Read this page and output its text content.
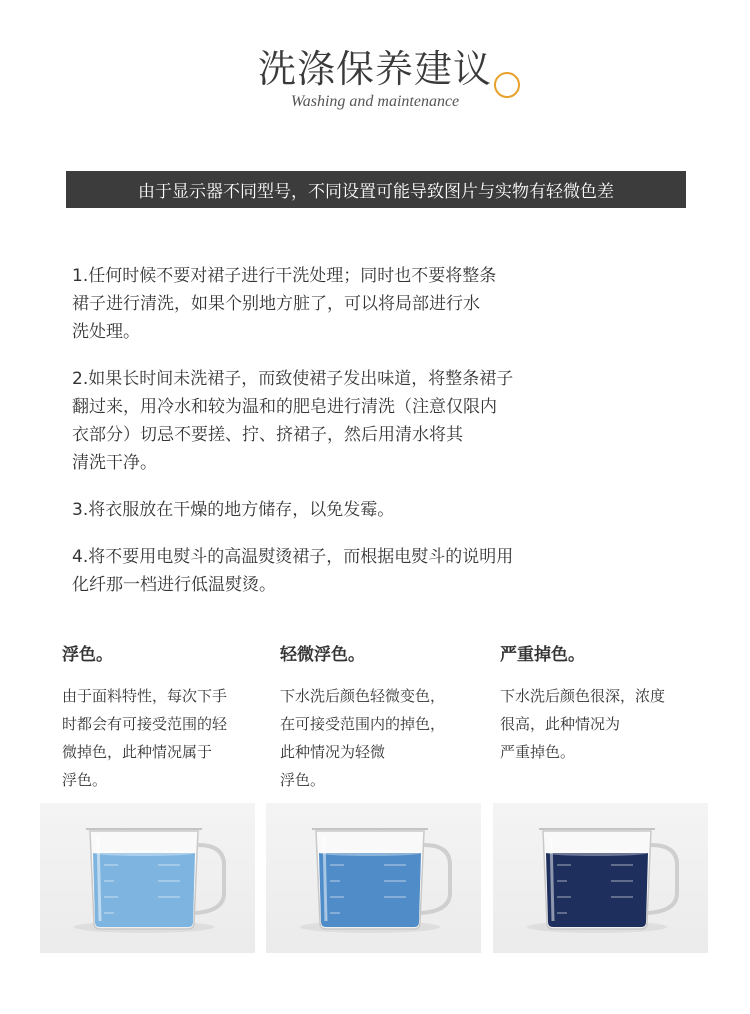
洗涤保养建议
Washing and maintenance
由于显示器不同型号，不同设置可能导致图片与实物有轻微色差

1.任何时候不要对裙子进行干洗处理；同时也不要将整条
裙子进行清洗，如果个别地方脏了，可以将局部进行水
洗处理。

2.如果长时间未洗裙子，而致使裙子发出味道，将整条裙子
翻过来，用冷水和较为温和的肥皂进行清洗（注意仅限内
衣部分）切忌不要搓、拧、挤裙子，然后用清水将其
清洗干净。

3.将衣服放在干燥的地方储存，以免发霉。

4.将不要用电熨斗的高温熨烫裙子，而根据电熨斗的说明用
化纤那一档进行低温熨烫。

浮色。
由于面料特性，每次下手
时都会有可接受范围的轻
微掉色，此种情况属于
浮色。
轻微浮色。
下水洗后颜色轻微变色，
在可接受范围内的掉色，
此种情况为轻微
浮色。
严重掉色。
下水洗后颜色很深，浓度
很高，此种情况为
严重掉色。
